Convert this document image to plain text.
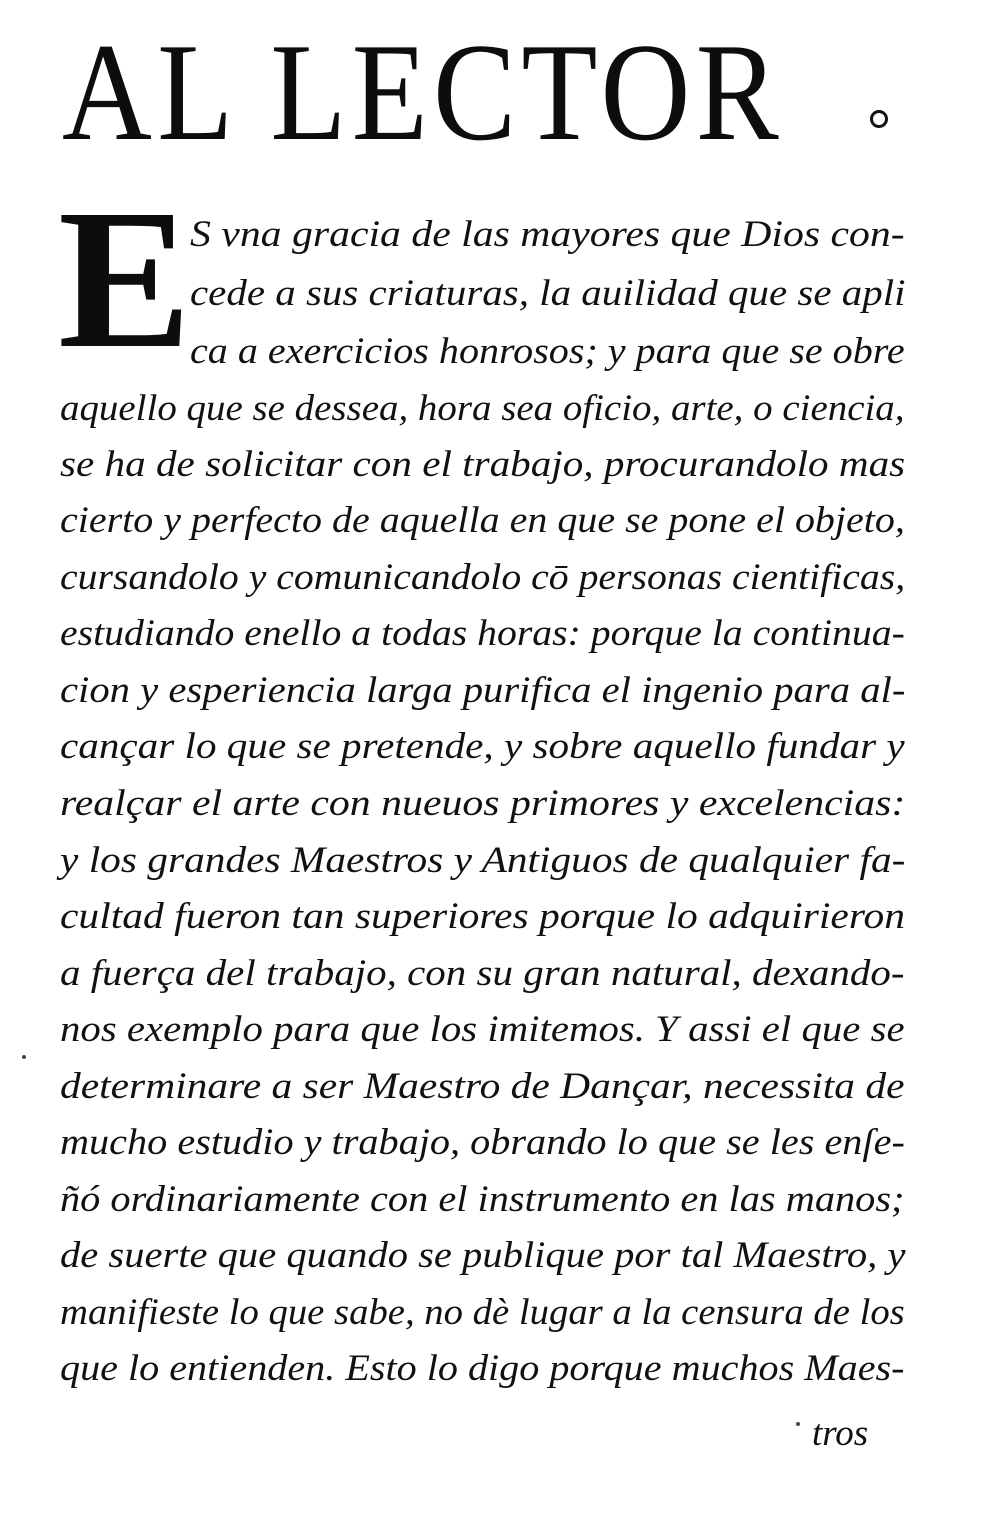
AL LECTOR
E
S vna gracia de las mayores que Dios con-
cede a sus criaturas, la auilidad que se apli
ca a exercicios honrosos; y para que se obre
aquello que se dessea, hora sea oficio, arte, o ciencia,
se ha de solicitar con el trabajo, procurandolo mas
cierto y perfecto de aquella en que se pone el objeto,
cursandolo y comunicandolo cō personas cientificas,
estudiando enello a todas horas: porque la continua-
cion y esperiencia larga purifica el ingenio para al-
cançar lo que se pretende, y sobre aquello fundar y
realçar el arte con nueuos primores y excelencias:
y los grandes Maestros y Antiguos de qualquier fa-
cultad fueron tan superiores porque lo adquirieron
a fuerça del trabajo, con su gran natural, dexando-
nos exemplo para que los imitemos. Y assi el que se
determinare a ser Maestro de Dançar, necessita de
mucho estudio y trabajo, obrando lo que se les enſe-
ñó ordinariamente con el instrumento en las manos;
de suerte que quando se publique por tal Maestro, y
manifieste lo que sabe, no dè lugar a la censura de los
que lo entienden. Esto lo digo porque muchos Maes-
tros
